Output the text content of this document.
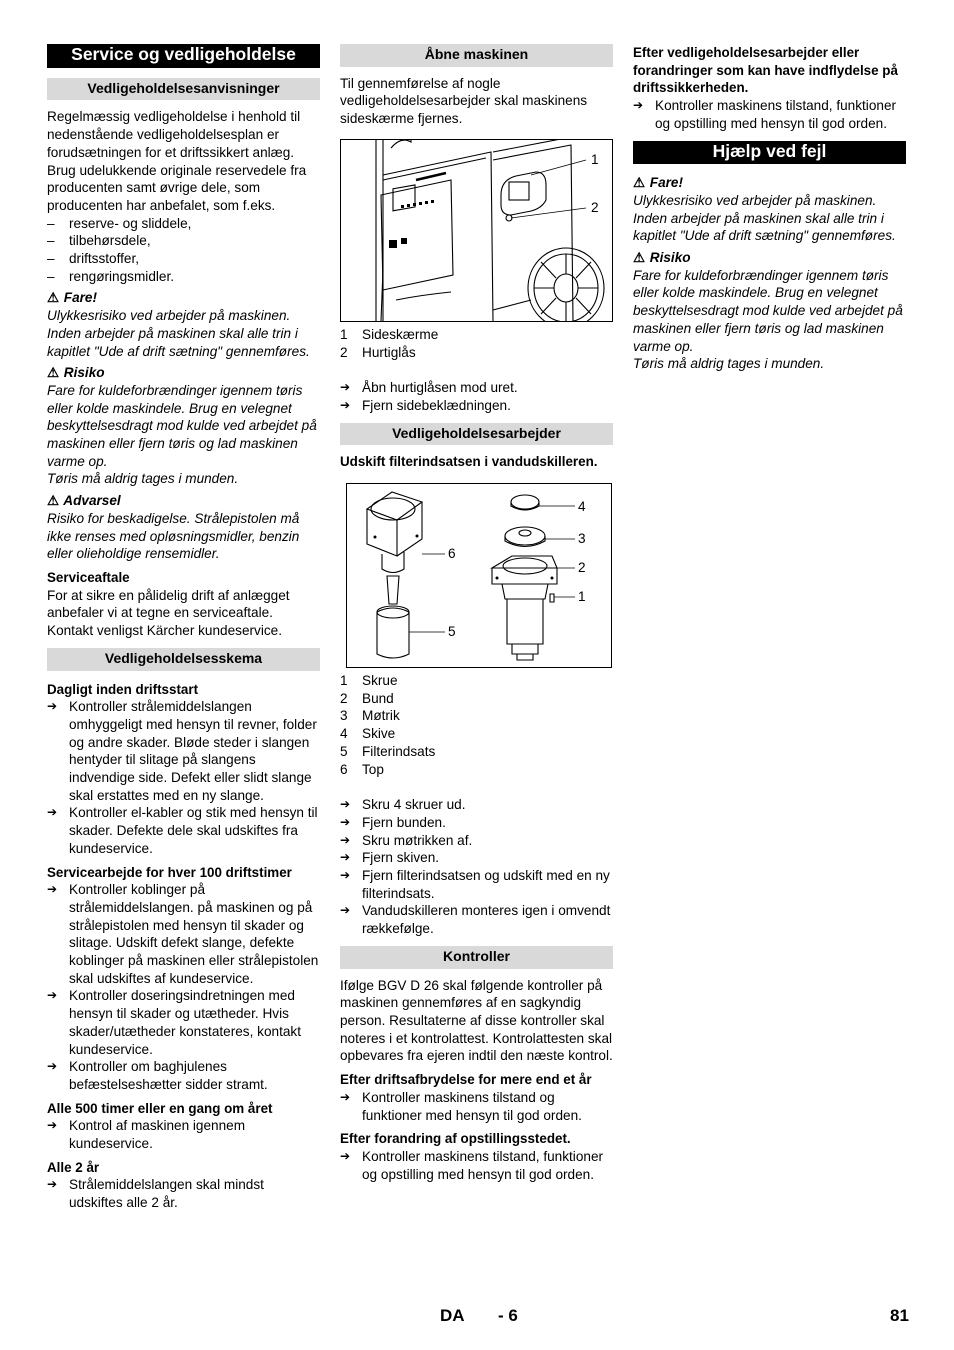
Service og vedligeholdelse
Vedligeholdelsesanvisninger

Regelmæssig vedligeholdelse i henhold til nedenstående vedligeholdelsesplan er forudsætningen for et driftssikkert anlæg. Brug udelukkende originale reservedele fra producenten samt øvrige dele, som producenten har anbefalet, som f.eks.

–	reserve- og sliddele,
–	tilbehørsdele,
–	driftsstoffer,
–	rengøringsmidler.
⚠ Fare!

Ulykkesrisiko ved arbejder på maskinen. Inden arbejder på maskinen skal alle trin i kapitlet "Ude af drift sætning" gennemføres.

⚠ Risiko

Fare for kuldeforbrændinger igennem tøris eller kolde maskindele. Brug en velegnet beskyttelsesdragt mod kulde ved arbejdet på maskinen eller fjern tøris og lad maskinen varme op.

Tøris må aldrig tages i munden.

⚠ Advarsel

Risiko for beskadigelse. Strålepistolen må ikke renses med opløsningsmidler, benzin eller olieholdige rensemidler.

Serviceaftale

For at sikre en pålidelig drift af anlægget anbefaler vi at tegne en serviceaftale. Kontakt venligst Kärcher kundeservice.

Vedligeholdelsesskema
Dagligt inden driftsstart
➔ Kontroller strålemiddelslangen omhyggeligt med hensyn til revner, folder og andre skader. Bløde steder i slangen hentyder til slitage på slangens indvendige side. Defekt eller slidt slange skal erstattes med en ny slange.
➔ Kontroller el-kabler og stik med hensyn til skader. Defekte dele skal udskiftes fra kundeservice.
Servicearbejde for hver 100 driftstimer
➔ Kontroller koblinger på strålemiddelslangen. på maskinen og på strålepistolen med hensyn til skader og slitage. Udskift defekt slange, defekte koblinger på maskinen eller strålepistolen skal udskiftes af kundeservice.
➔ Kontroller doseringsindretningen med hensyn til skader og utætheder. Hvis skader/utætheder konstateres, kontakt kundeservice.
➔ Kontroller om baghjulenes befæstelseshætter sidder stramt.
Alle 500 timer eller en gang om året
➔ Kontrol af maskinen igennem kundeservice.
Alle 2 år
➔ Strålemiddelslangen skal mindst udskiftes alle 2 år.
Åbne maskinen

Til gennemførelse af nogle vedligeholdelsesarbejder skal maskinens sideskærme fjernes.

1
2
1	Sideskærme
2	Hurtiglås
➔ Åbn hurtiglåsen mod uret.
➔ Fjern sidebeklædningen.
Vedligeholdelsesarbejder
Udskift filterindsatsen i vandudskilleren.
4
3
2
1
6
5
1	Skrue
2	Bund
3	Møtrik
4	Skive
5	Filterindsats
6	Top
➔ Skru 4 skruer ud.
➔ Fjern bunden.
➔ Skru møtrikken af.
➔ Fjern skiven.
➔ Fjern filterindsatsen og udskift med en ny filterindsats.
➔ Vandudskilleren monteres igen i omvendt rækkefølge.
Kontroller

Ifølge BGV D 26 skal følgende kontroller på maskinen gennemføres af en sagkyndig person. Resultaterne af disse kontroller skal noteres i et kontrolattest. Kontrolattesten skal opbevares fra ejeren indtil den næste kontrol.

Efter driftsafbrydelse for mere end et år
➔ Kontroller maskinens tilstand og funktioner med hensyn til god orden.
Efter forandring af opstillingsstedet.
➔ Kontroller maskinens tilstand, funktioner og opstilling med hensyn til god orden.
Efter vedligeholdelsesarbejder eller forandringer som kan have indflydelse på driftssikkerheden.
➔ Kontroller maskinens tilstand, funktioner og opstilling med hensyn til god orden.
Hjælp ved fejl
⚠ Fare!

Ulykkesrisiko ved arbejder på maskinen. Inden arbejder på maskinen skal alle trin i kapitlet "Ude af drift sætning" gennemføres.

⚠ Risiko

Fare for kuldeforbrændinger igennem tøris eller kolde maskindele. Brug en velegnet beskyttelsesdragt mod kulde ved arbejdet på maskinen eller fjern tøris og lad maskinen varme op.

Tøris må aldrig tages i munden.

DA - 6	81
